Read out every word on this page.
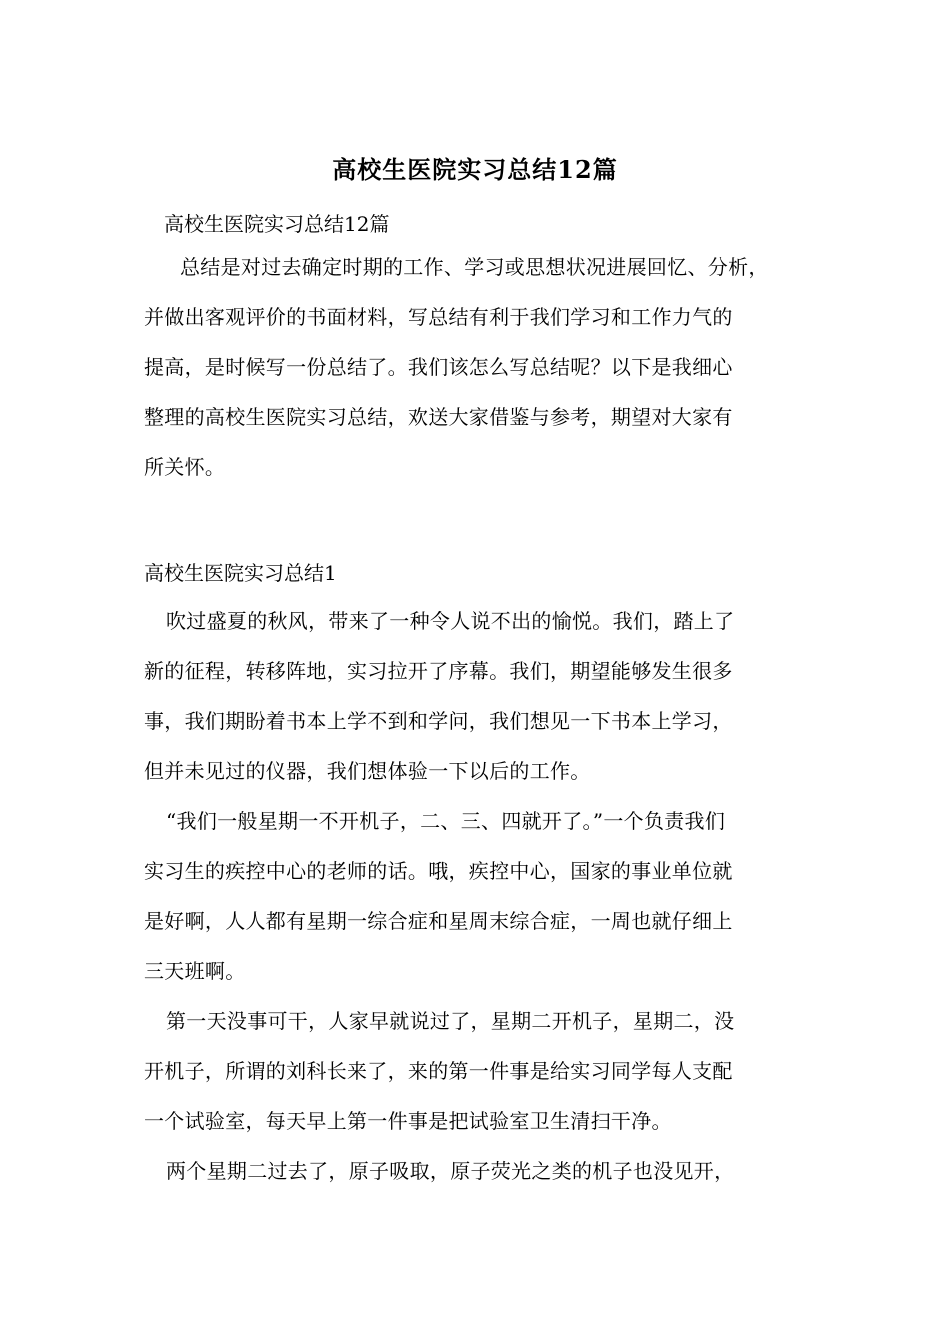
高校生医院实习总结12篇
高校生医院实习总结12篇
总结是对过去确定时期的工作、学习或思想状况进展回忆、分析，
并做出客观评价的书面材料，写总结有利于我们学习和工作力气的
提高，是时候写一份总结了。我们该怎么写总结呢？以下是我细心
整理的高校生医院实习总结，欢送大家借鉴与参考，期望对大家有
所关怀。
高校生医院实习总结1
吹过盛夏的秋风，带来了一种令人说不出的愉悦。我们，踏上了
新的征程，转移阵地，实习拉开了序幕。我们，期望能够发生很多
事，我们期盼着书本上学不到和学问，我们想见一下书本上学习，
但并未见过的仪器，我们想体验一下以后的工作。
“我们一般星期一不开机子，二、三、四就开了。”一个负责我们
实习生的疾控中心的老师的话。哦，疾控中心，国家的事业单位就
是好啊，人人都有星期一综合症和星周末综合症，一周也就仔细上
三天班啊。
第一天没事可干，人家早就说过了，星期二开机子，星期二，没
开机子，所谓的刘科长来了，来的第一件事是给实习同学每人支配
一个试验室，每天早上第一件事是把试验室卫生清扫干净。
两个星期二过去了，原子吸取，原子荧光之类的机子也没见开，
